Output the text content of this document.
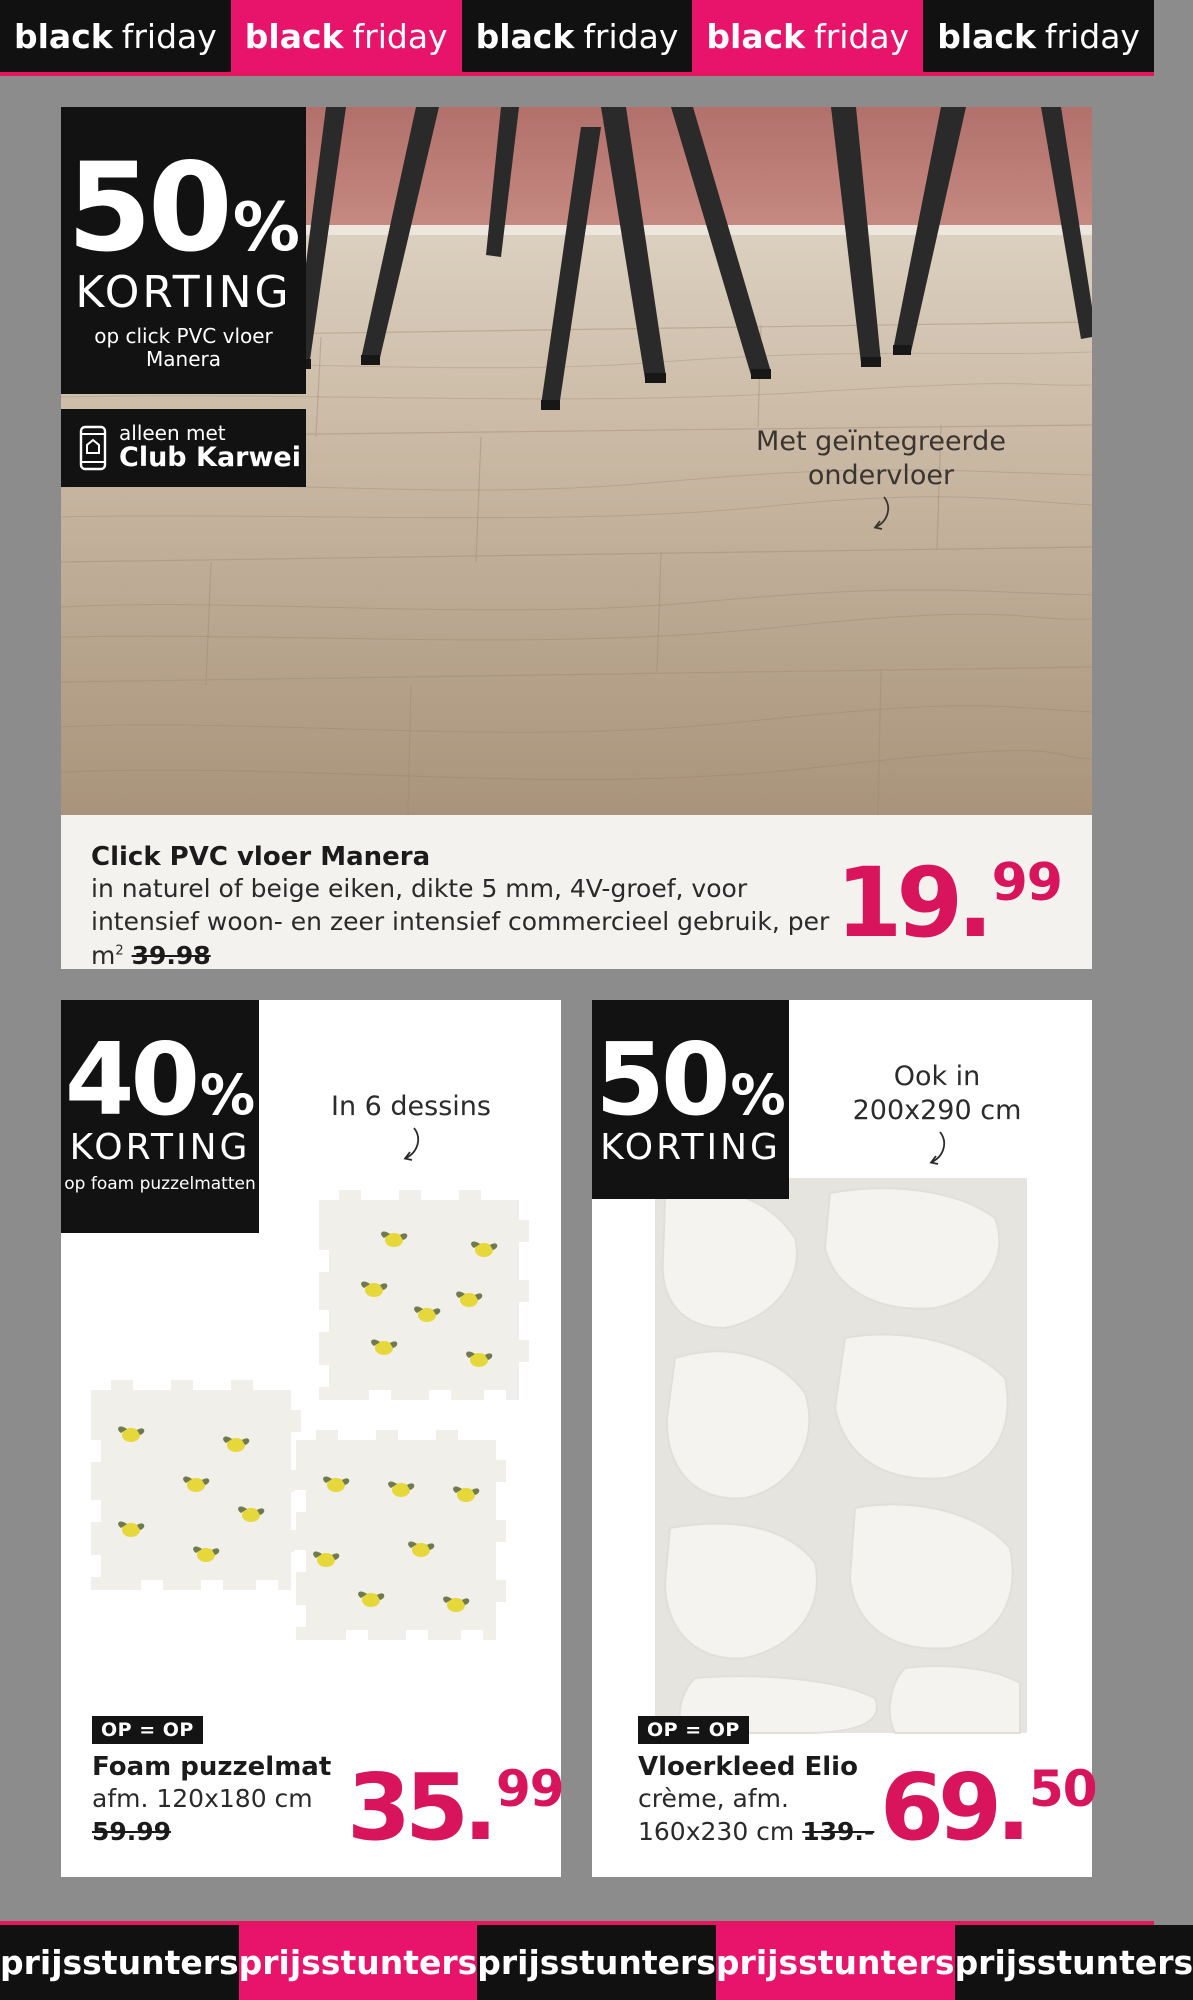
black friday black friday black friday black friday black friday
50%
KORTING
op click PVC vloer Manera
alleen met
Club Karwei
Met geïntegreerde ondervloer
Click PVC vloer Manera
in naturel of beige eiken, dikte 5 mm, 4V-groef, voor intensief woon- en zeer intensief commercieel gebruik, per $m^2$ 39.98	19. 99
40%
KORTING
op foam puzzelmatten
In 6 dessins
OP = OP
Foam puzzelmat
afm. 120x180 cm
59.99	35. 99
50%
KORTING
Ook in 200x290 cm
OP = OP
Vloerkleed Elio
crème, afm.
160x230 cm 139.- 69. 50
prijsstunters prijsstunters prijsstunters prijsstunters prijsstunters
